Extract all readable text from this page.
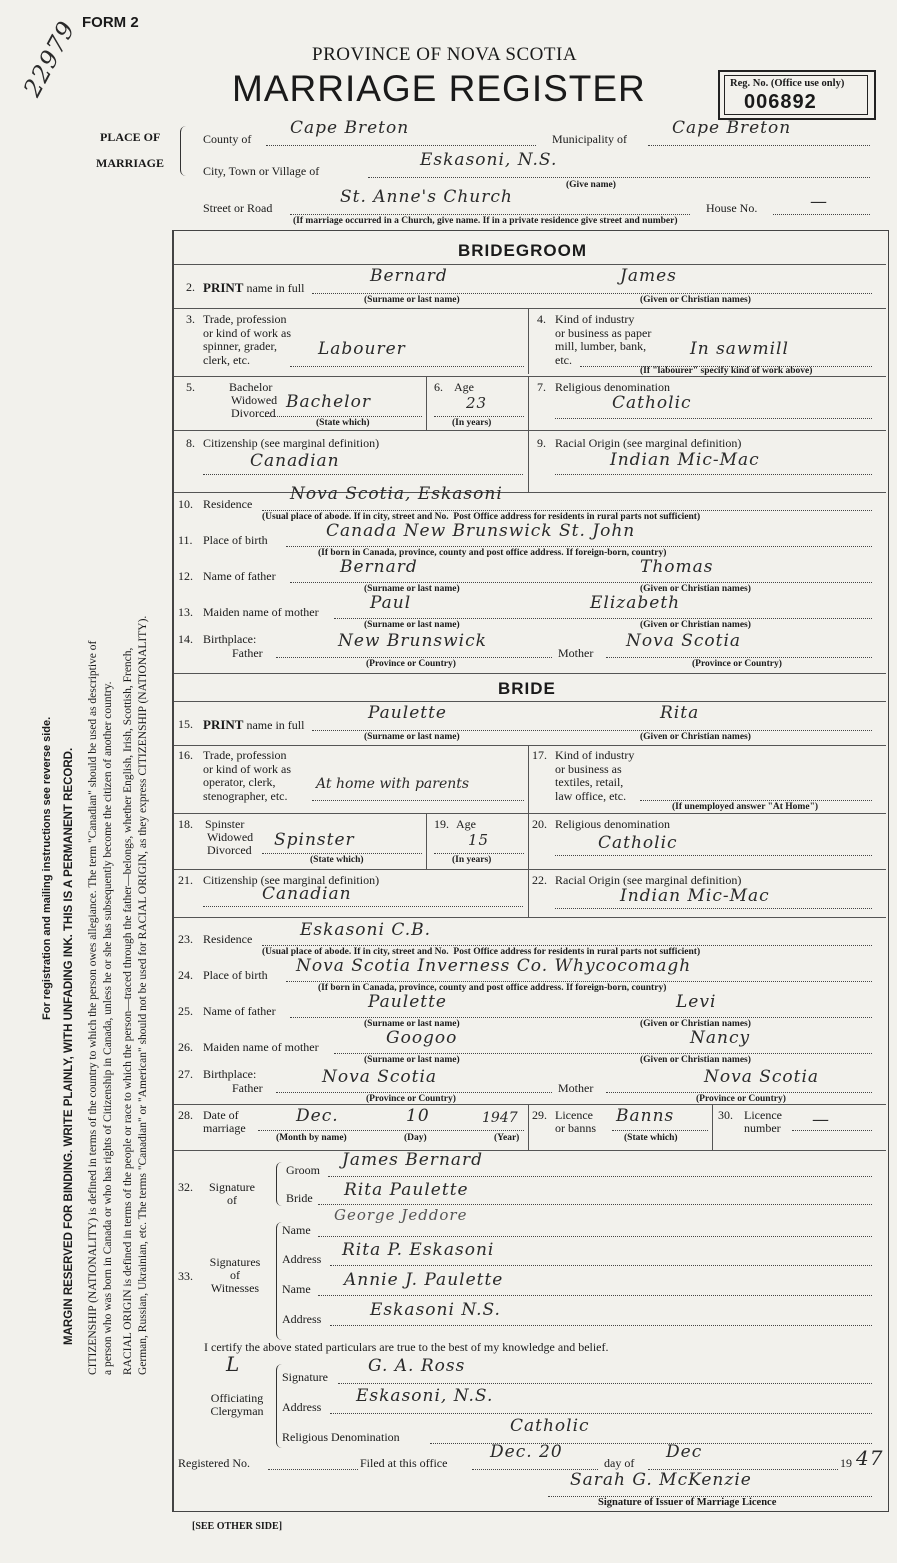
FORM 2
22979	PROVINCE OF NOVA SCOTIA
MARRIAGE REGISTER	Reg. No. (Office use only)
006892
For registration and mailing instructions see reverse side. MARGIN RESERVED FOR BINDING. WRITE PLAINLY, WITH UNFADING INK. THIS IS A PERMANENT RECORD. CITIZENSHIP (NATIONALITY) is defined in terms of the country to which the person owes allegiance. The term "Canadian" should be used as descriptive of a person who was born in Canada or who has rights of Citizenship in Canada, unless he or she has subsequently become the citizen of another country. RACIAL ORIGIN is defined in terms of the people or race to which the person—traced through the father—belongs, whether English, Irish, Scottish, French, German, Russian, Ukrainian, etc. The terms "Canadian" or "American" should not be used for RACIAL ORIGIN, as they express CITIZENSHIP (NATIONALITY).
PLACE OF
MARRIAGE
County of
Cape Breton
Municipality of
Cape Breton
City, Town or Village of
Eskasoni, N.S.
(Give name)
Street or Road
St. Anne's Church
House No.	—
(If marriage occurred in a Church, give name. If in a private residence give street and number)
BRIDEGROOM
2. PRINT name in full
Bernard	James
(Surname or last name)	(Given or Christian names)
3. Trade, profession
or kind of work as
spinner, grader,
clerk, etc.
Labourer
4. Kind of industry
or business as paper
mill, lumber, bank,
etc.
In sawmill
(If "labourer" specify kind of work above)
5.	Bachelor
Widowed
Divorced
Bachelor
(State which)
6. Age
23
(In years)
7. Religious denomination
Catholic
8. Citizenship (see marginal definition)
Canadian
9. Racial Origin (see marginal definition)
Indian Mic-Mac
10. Residence Nova Scotia, Eskasoni
(Usual place of abode. If in city, street and No. Post Office address for residents in rural parts not sufficient)
11. Place of birth	Canada New Brunswick St. John
(If born in Canada, province, county and post office address. If foreign-born, country)
12. Name of father	Bernard	Thomas
(Surname or last name)	(Given or Christian names)
13. Maiden name of mother	Paul	Elizabeth
(Surname or last name)	(Given or Christian names)
14. Birthplace:
Father
New Brunswick
Mother
Nova Scotia
(Province or Country)	(Province or Country)
BRIDE
15. PRINT name in full
Paulette	Rita
(Surname or last name)	(Given or Christian names)
16. Trade, profession
or kind of work as
operator, clerk,
stenographer, etc.
At home with parents
17. Kind of industry
or business as
textiles, retail,
law office, etc.
(If unemployed answer "At Home")
18. Spinster
Widowed
Divorced Spinster
(State which)
19. Age
15
(In years)
20. Religious denomination
Catholic
21. Citizenship (see marginal definition)
Canadian
22. Racial Origin (see marginal definition)
Indian Mic-Mac
23. Residence	Eskasoni C.B.
(Usual place of abode. If in city, street and No. Post Office address for residents in rural parts not sufficient)
24. Place of birth Nova Scotia Inverness Co. Whycocomagh
(If born in Canada, province, county and post office address. If foreign-born, country)
25. Name of father	Paulette	Levi
(Surname or last name)	(Given or Christian names)
26. Maiden name of mother	Googoo	Nancy
(Surname or last name)	(Given or Christian names)
27. Birthplace:
Father
Nova Scotia
Mother
Nova Scotia
(Province or Country)	(Province or Country)
28. Date of
marriage
Dec.	10	1947
(Month by name)	(Day)	(Year)
29. Licence
or banns
Banns
(State which)
30. Licence
number —
32.	Signature
of
Groom James Bernard
Bride Rita Paulette
33.
Signatures
of
Witnesses
Name
George Jeddore
Address Rita P. Eskasoni
Name Annie J. Paulette
Address	Eskasoni N.S.
I certify the above stated particulars are true to the best of my knowledge and belief.
L
Officiating
Clergyman
Signature
G. A. Ross
Address
Eskasoni, N.S.
Religious Denomination
Catholic
Registered No.	Filed at this office
Dec. 20
day of
Dec
19 47
Sarah G. McKenzie
Signature of Issuer of Marriage Licence
[SEE OTHER SIDE]
